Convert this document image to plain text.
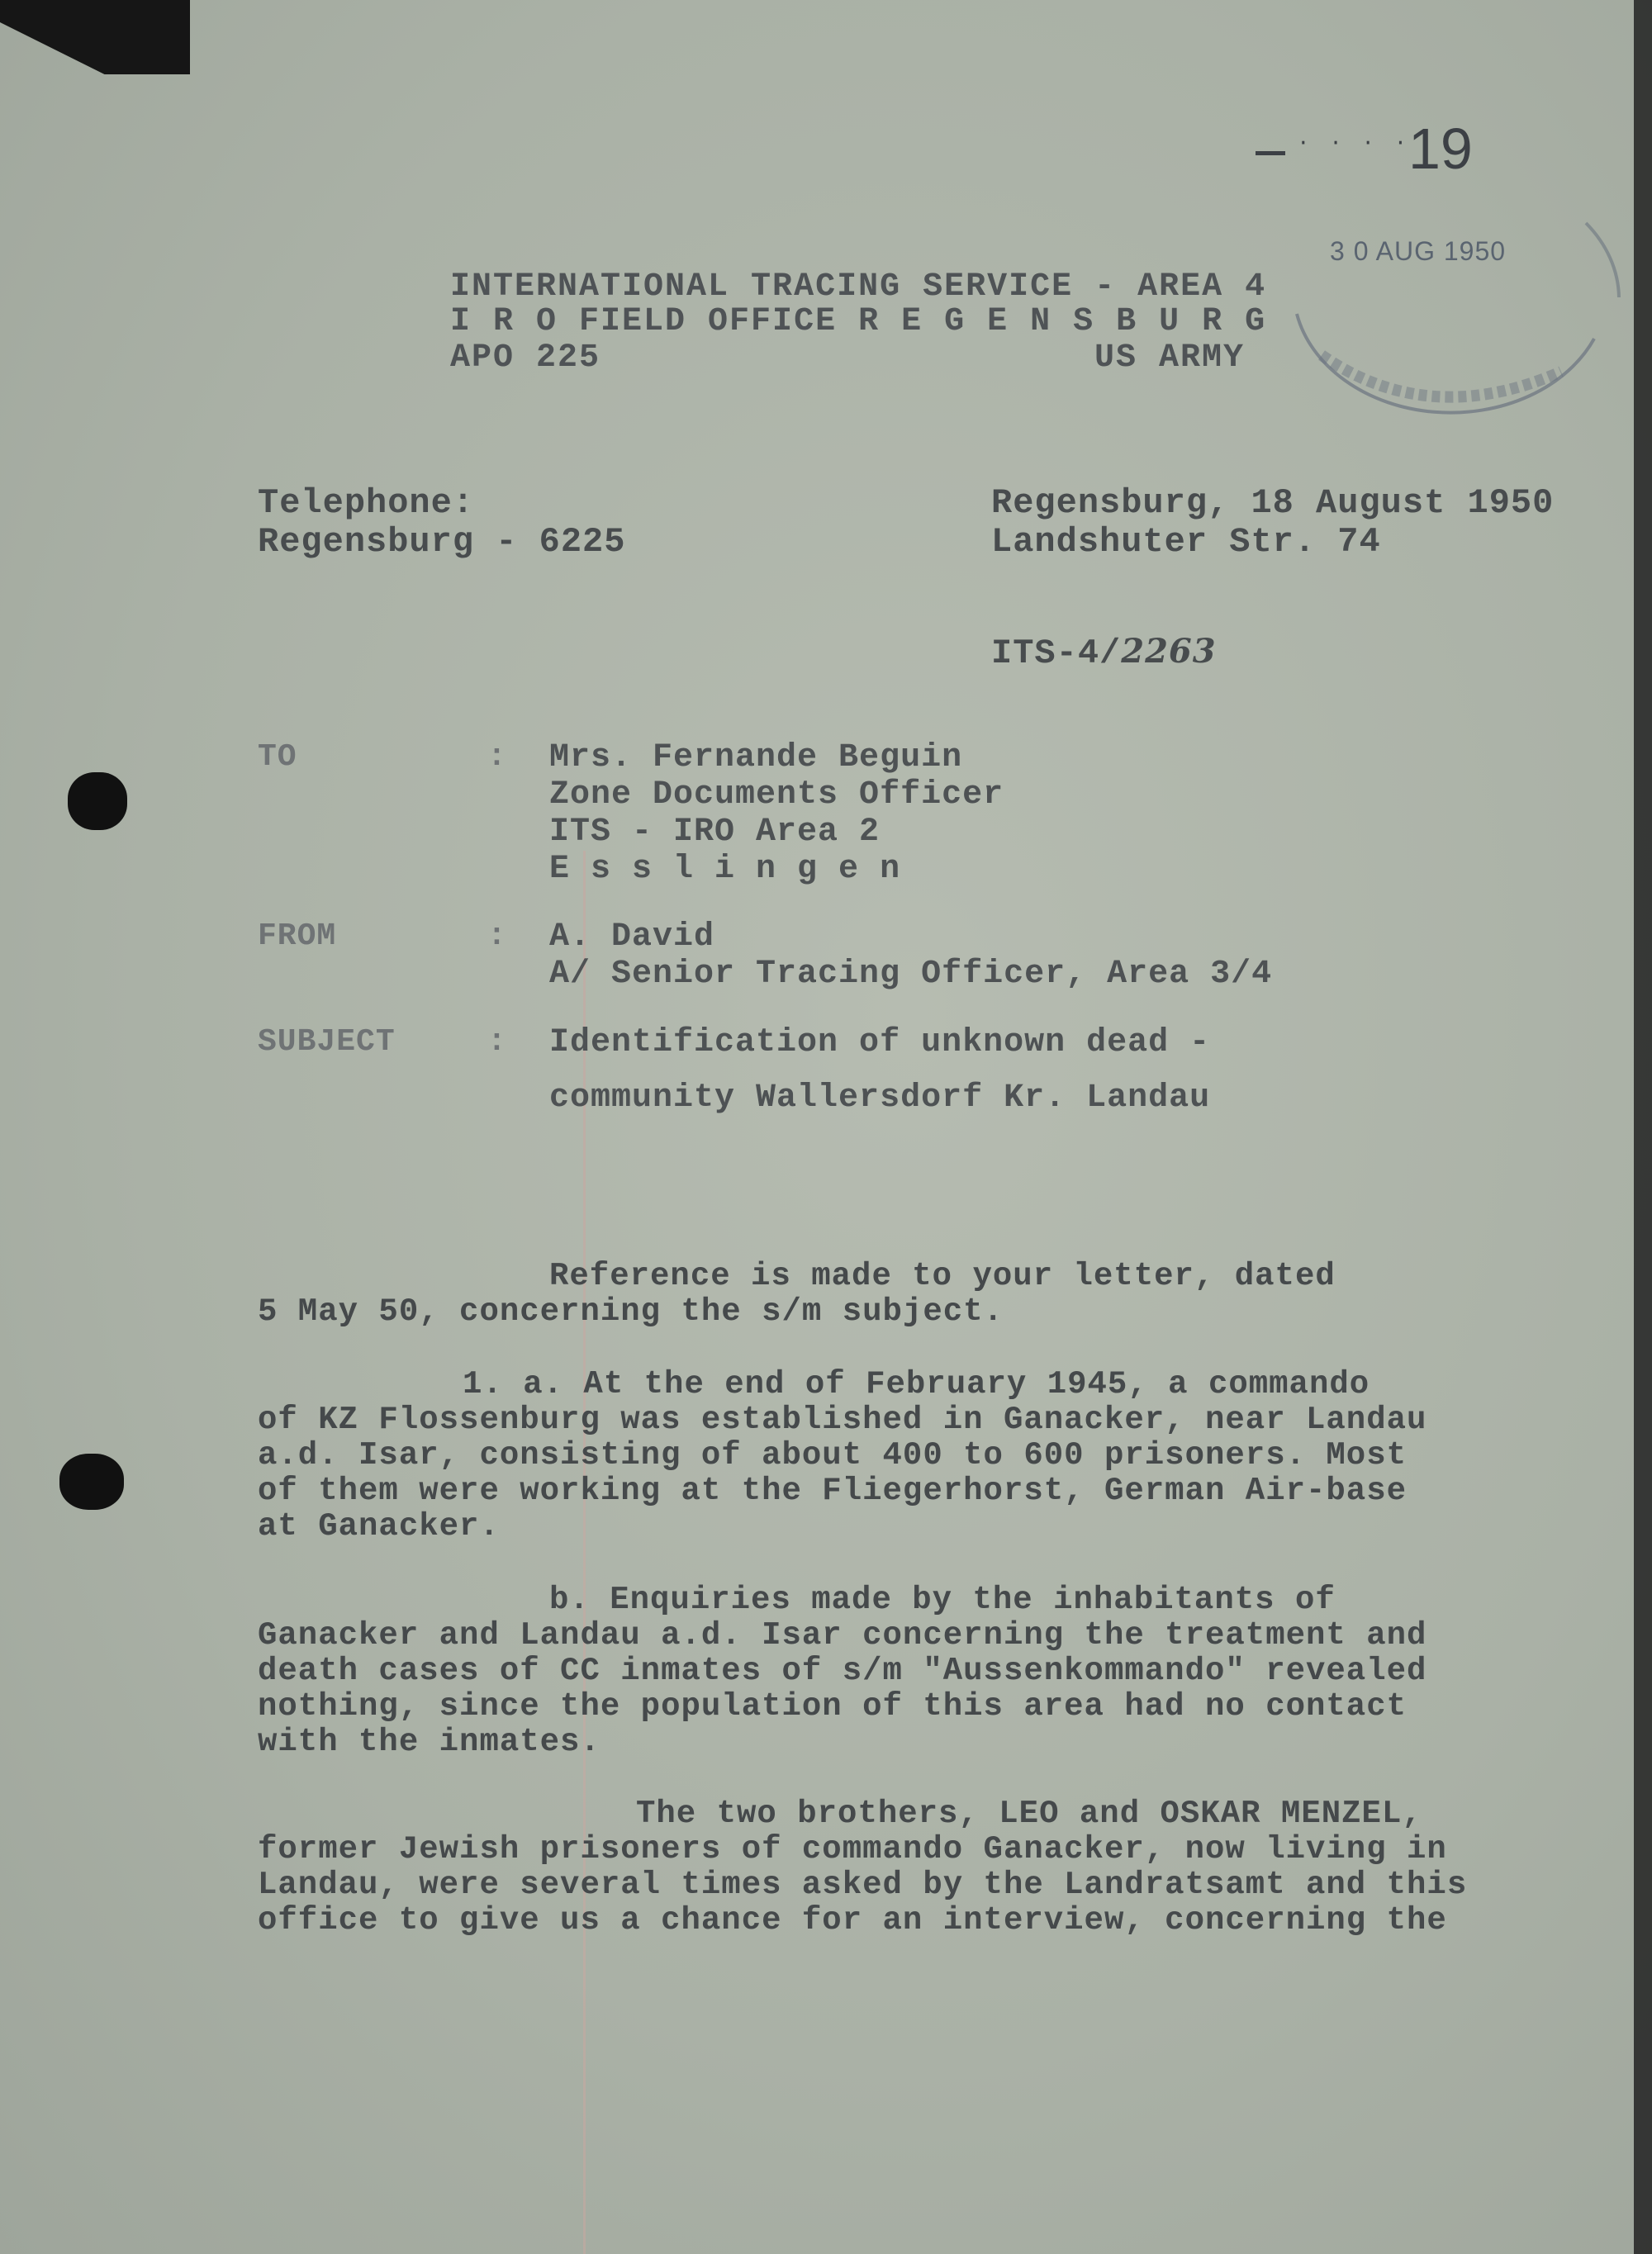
· · · ·
19
3 0 AUG 1950
INTERNATIONAL TRACING SERVICE - AREA 4
I R O FIELD OFFICE R E G E N S B U R G
APO 225	US ARMY
Telephone:
Regensburg - 6225
Regensburg, 18 August 1950
Landshuter Str. 74
ITS-4/2263
TO	: Mrs. Fernande Beguin
Zone Documents Officer
ITS - IRO Area 2
E s s l i n g e n
FROM	: A. David
A/ Senior Tracing Officer, Area 3/4
SUBJECT	: Identification of unknown dead -
community Wallersdorf Kr. Landau
Reference is made to your letter, dated
5 May 50, concerning the s/m subject.
1. a. At the end of February 1945, a commando
of KZ Flossenburg was established in Ganacker, near Landau
a.d. Isar, consisting of about 400 to 600 prisoners. Most
of them were working at the Fliegerhorst, German Air-base
at Ganacker.
b. Enquiries made by the inhabitants of
Ganacker and Landau a.d. Isar concerning the treatment and
death cases of CC inmates of s/m "Aussenkommando" revealed
nothing, since the population of this area had no contact
with the inmates.
The two brothers, LEO and OSKAR MENZEL,
former Jewish prisoners of commando Ganacker, now living in
Landau, were several times asked by the Landratsamt and this
office to give us a chance for an interview, concerning the
